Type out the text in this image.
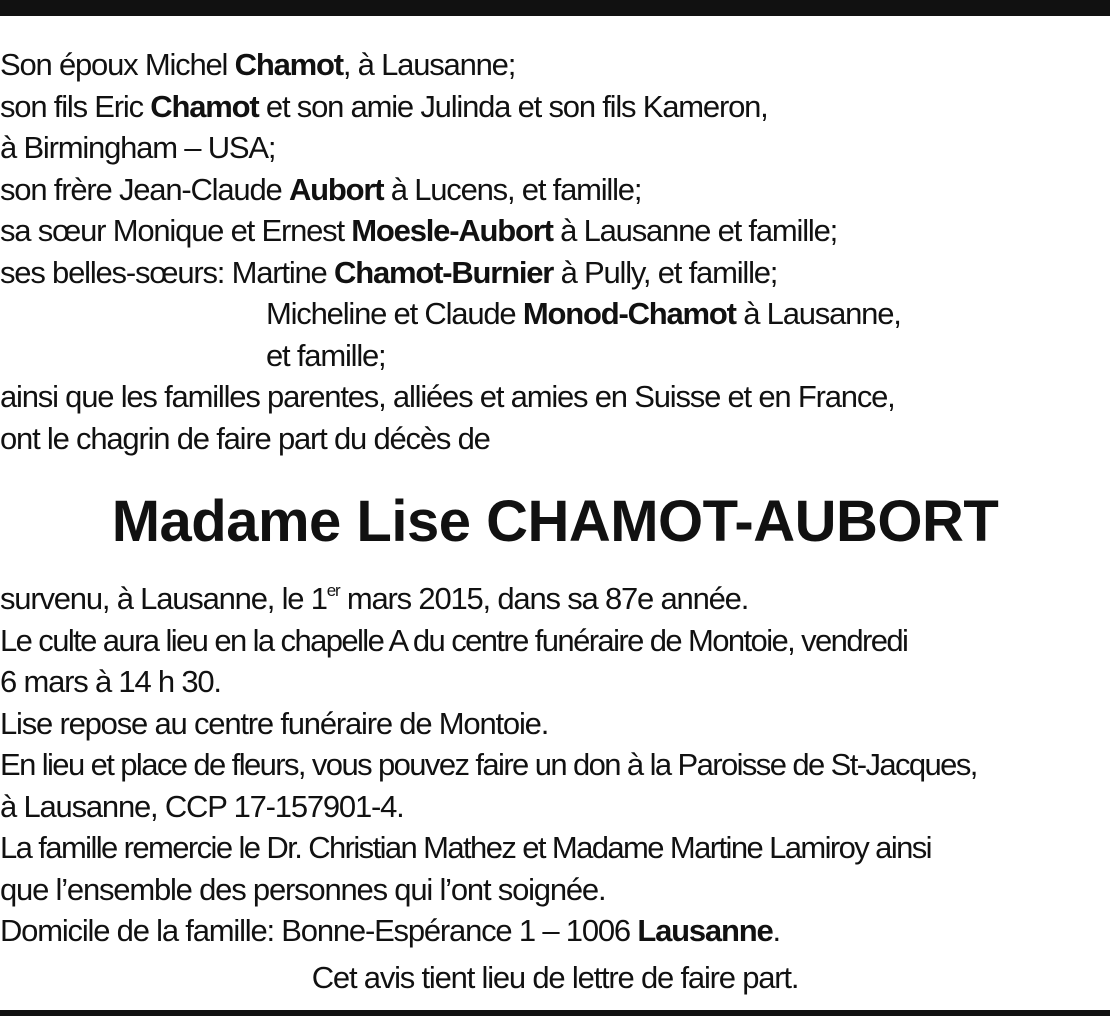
Son époux Michel Chamot, à Lausanne;
son fils Eric Chamot et son amie Julinda et son fils Kameron,
à Birmingham – USA;
son frère Jean-Claude Aubort à Lucens, et famille;
sa sœur Monique et Ernest Moesle-Aubort à Lausanne et famille;
ses belles-sœurs: Martine Chamot-Burnier à Pully, et famille;
Micheline et Claude Monod-Chamot à Lausanne,
et famille;
ainsi que les familles parentes, alliées et amies en Suisse et en France,
ont le chagrin de faire part du décès de
Madame Lise CHAMOT-AUBORT
survenu, à Lausanne, le 1er mars 2015, dans sa 87e année.
Le culte aura lieu en la chapelle A du centre funéraire de Montoie, vendredi
6 mars à 14 h 30.
Lise repose au centre funéraire de Montoie.
En lieu et place de fleurs, vous pouvez faire un don à la Paroisse de St-Jacques,
à Lausanne, CCP 17-157901-4.
La famille remercie le Dr. Christian Mathez et Madame Martine Lamiroy ainsi
que l’ensemble des personnes qui l’ont soignée.
Domicile de la famille: Bonne-Espérance 1 – 1006 Lausanne.
Cet avis tient lieu de lettre de faire part.
